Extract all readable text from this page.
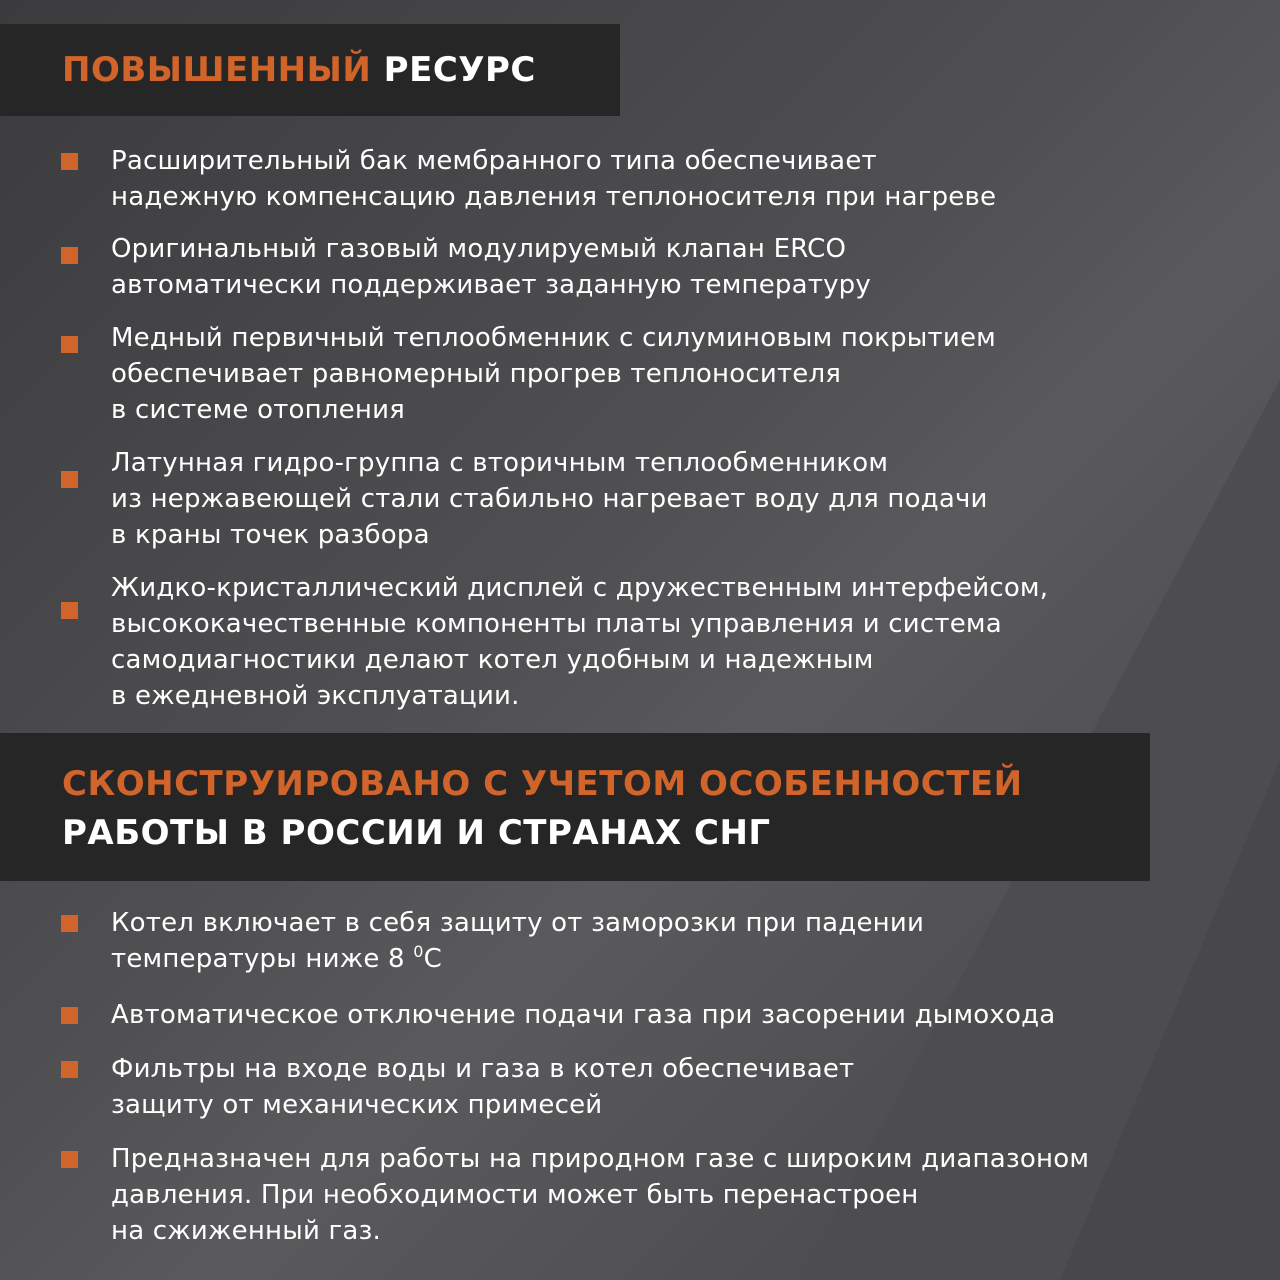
ПОВЫШЕННЫЙ РЕСУРС
Расширительный бак мембранного типа обеспечивает
надежную компенсацию давления теплоносителя при нагреве
Оригинальный газовый модулируемый клапан ERCO
автоматически поддерживает заданную температуру
Медный первичный теплообменник с силуминовым покрытием
обеспечивает равномерный прогрев теплоносителя
в системе отопления
Латунная гидро-группа с вторичным теплообменником
из нержавеющей стали стабильно нагревает воду для подачи
в краны точек разбора
Жидко-кристаллический дисплей с дружественным интерфейсом,
высококачественные компоненты платы управления и система
самодиагностики делают котел удобным и надежным
в ежедневной эксплуатации.
СКОНСТРУИРОВАНО С УЧЕТОМ ОСОБЕННОСТЕЙ
РАБОТЫ В РОССИИ И СТРАНАХ СНГ
Котел включает в себя защиту от заморозки при падении
температуры ниже 8 $^0$С
Автоматическое отключение подачи газа при засорении дымохода
Фильтры на входе воды и газа в котел обеспечивает
защиту от механических примесей
Предназначен для работы на природном газе с широким диапазоном
давления. При необходимости может быть перенастроен
на сжиженный газ.
